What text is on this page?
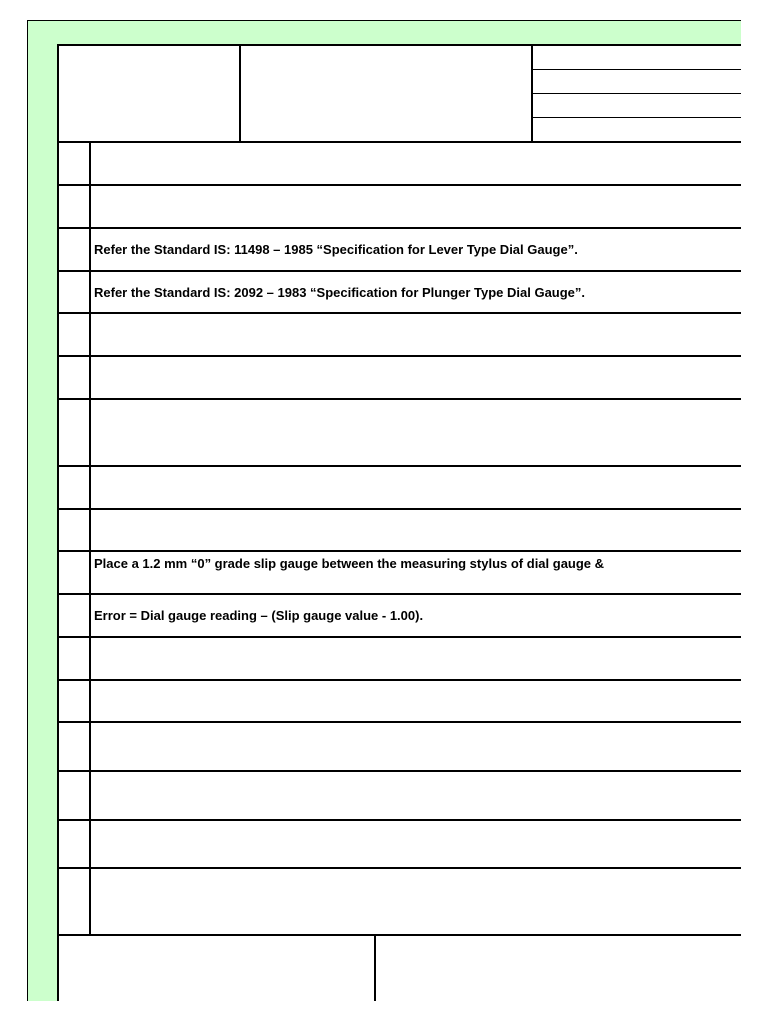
Refer the Standard IS: 11498 – 1985 “Specification for Lever Type Dial Gauge”.
Refer the Standard IS: 2092 – 1983 “Specification for Plunger Type Dial Gauge”.
Place a 1.2 mm “0” grade slip gauge between the measuring stylus of dial gauge &
Error = Dial gauge reading – (Slip gauge value - 1.00).
